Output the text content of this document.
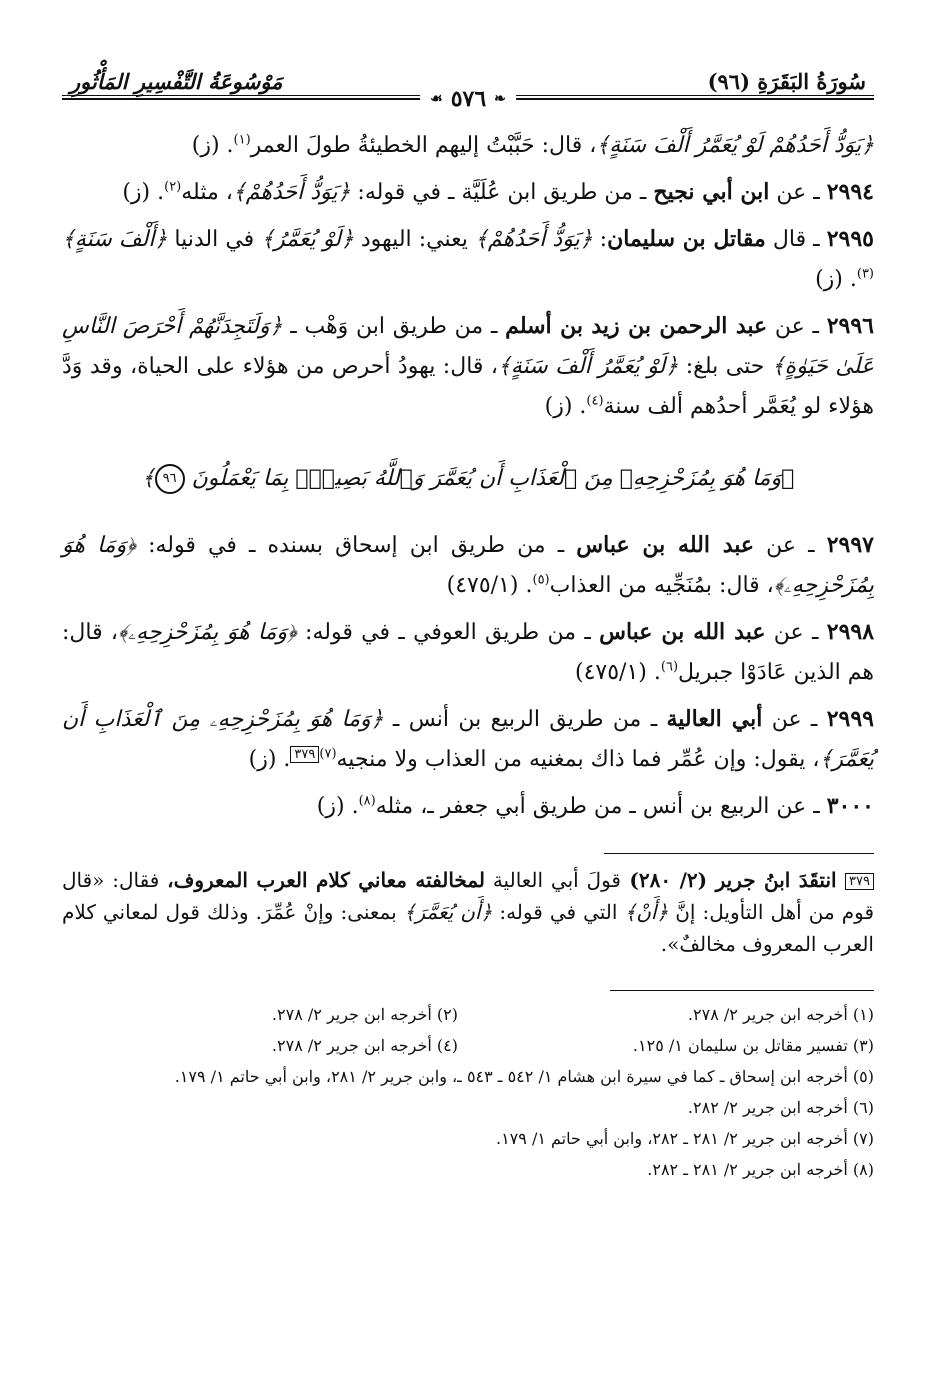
سُورَةُ البَقَرَةِ (٩٦)
مَوْسُوعَةُ التَّفْسِيرِ المَأْثُورِ
❧
٥٧٦
☙

﴿يَوَدُّ أَحَدُهُمْ لَوْ يُعَمَّرُ أَلْفَ سَنَةٍ﴾، قال: حَبَّبْتُ إليهم الخطيئةُ طولَ العمر$^{(١)}$. (ز)

٢٩٩٤ ـ عن ابن أبي نجيح ـ من طريق ابن عُلَيَّة ـ في قوله: ﴿يَوَدُّ أَحَدُهُمْ﴾، مثله$^{(٢)}$. (ز)

٢٩٩٥ ـ قال مقاتل بن سليمان: ﴿يَوَدُّ أَحَدُهُمْ﴾ يعني: اليهود ﴿لَوْ يُعَمَّرُ﴾ في الدنيا ﴿أَلْفَ سَنَةٍ﴾$^{(٣)}$. (ز)

٢٩٩٦ ـ عن عبد الرحمن بن زيد بن أسلم ـ من طريق ابن وَهْب ـ ﴿وَلَتَجِدَنَّهُمْ أَحْرَصَ النَّاسِ عَلَىٰ حَيَوٰةٍ﴾ حتى بلغ: ﴿لَوْ يُعَمَّرُ أَلْفَ سَنَةٍ﴾، قال: يهودُ أحرص من هؤلاء على الحياة، وقد وَدَّ هؤلاء لو يُعَمَّر أحدُهم ألف سنة$^{(٤)}$. (ز)

﴿وَمَا هُوَ بِمُزَحْزِحِهِۦ مِنَ ٱلْعَذَابِ أَن يُعَمَّرَ وَٱللَّهُ بَصِيرٌۢ بِمَا يَعْمَلُونَ ٩٦﴾

٢٩٩٧ ـ عن عبد الله بن عباس ـ من طريق ابن إسحاق بسنده ـ في قوله: ﴿وَمَا هُوَ بِمُزَحْزِحِهِۦ﴾، قال: بمُنَجِّيه من العذاب$^{(٥)}$. (٤٧٥/١)

٢٩٩٨ ـ عن عبد الله بن عباس ـ من طريق العوفي ـ في قوله: ﴿وَمَا هُوَ بِمُزَحْزِحِهِۦ﴾، قال: هم الذين عَادَوْا جبريل$^{(٦)}$. (٤٧٥/١)

٢٩٩٩ ـ عن أبي العالية ـ من طريق الربيع بن أنس ـ ﴿وَمَا هُوَ بِمُزَحْزِحِهِۦ مِنَ ٱلْعَذَابِ أَن يُعَمَّرَ﴾، يقول: وإن عُمِّر فما ذاك بمغنيه من العذاب ولا منجيه$^{(٧)}$٣٧٩. (ز)

٣٠٠٠ ـ عن الربيع بن أنس ـ من طريق أبي جعفر ـ، مثله$^{(٨)}$. (ز)

٣٧٩ انتقَدَ ابنُ جرير (٢/ ٢٨٠) قولَ أبي العالية لمخالفته معاني كلام العرب المعروف، فقال: «قال قوم من أهل التأويل: إنَّ ﴿أَنْ﴾ التي في قوله: ﴿أَن يُعَمَّرَ﴾ بمعنى: وإنْ عُمِّرَ. وذلك قول لمعاني كلام العرب المعروف مخالفٌ».

(١) أخرجه ابن جرير ٢/ ٢٧٨.

(٢) أخرجه ابن جرير ٢/ ٢٧٨.

(٣) تفسير مقاتل بن سليمان ١/ ١٢٥.

(٤) أخرجه ابن جرير ٢/ ٢٧٨.

(٥) أخرجه ابن إسحاق ـ كما في سيرة ابن هشام ١/ ٥٤٢ ـ ٥٤٣ ـ، وابن جرير ٢/ ٢٨١، وابن أبي حاتم ١/ ١٧٩.

(٦) أخرجه ابن جرير ٢/ ٢٨٢.

(٧) أخرجه ابن جرير ٢/ ٢٨١ ـ ٢٨٢، وابن أبي حاتم ١/ ١٧٩.

(٨) أخرجه ابن جرير ٢/ ٢٨١ ـ ٢٨٢.
